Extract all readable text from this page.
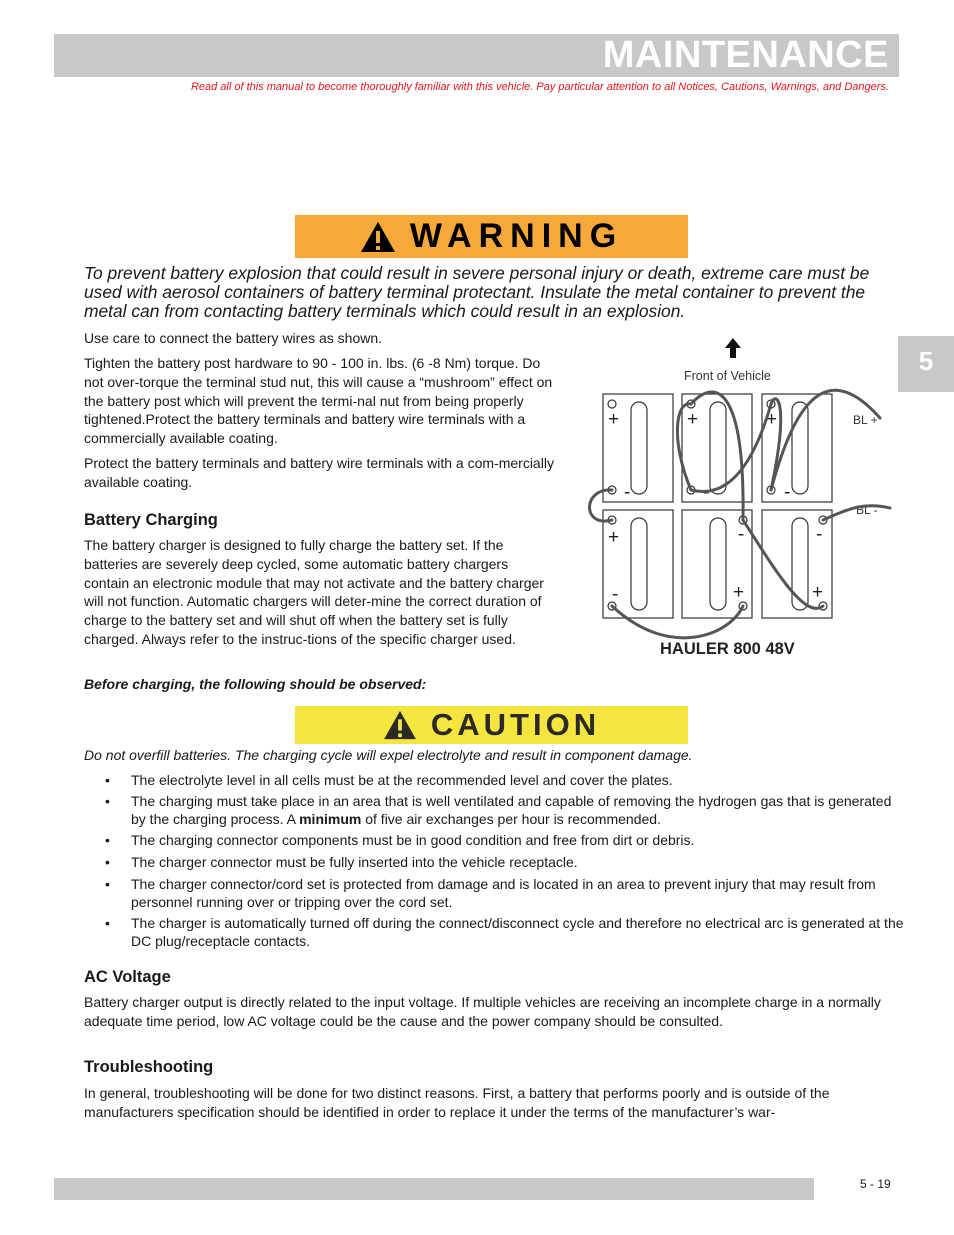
MAINTENANCE
Read all of this manual to become thoroughly familiar with this vehicle. Pay particular attention to all Notices, Cautions, Warnings, and Dangers.
5
WARNING

To prevent battery explosion that could result in severe personal injury or death, extreme care must be used with aerosol containers of battery terminal protectant. Insulate the metal container to prevent the metal can from contacting battery terminals which could result in an explosion.

Use care to connect the battery wires as shown.

Tighten the battery post hardware to 90 - 100 in. lbs. (6 -8 Nm) torque. Do not over-torque the terminal stud nut, this will cause a “mushroom” effect on the battery post which will prevent the termi-nal nut from being properly tightened.Protect the battery terminals and battery wire terminals with a commercially available coating.

Protect the battery terminals and battery wire terminals with a com-mercially available coating.

Battery Charging

The battery charger is designed to fully charge the battery set. If the batteries are severely deep cycled, some automatic battery chargers contain an electronic module that may not activate and the battery charger will not function. Automatic chargers will deter-mine the correct duration of charge to the battery set and will shut off when the battery set is fully charged. Always refer to the instruc-tions of the specific charger used.

Before charging, the following should be observed:

Front of Vehicle
BL +
BL -
+
-
+
-
+
-
+
-
-
+
-
+
HAULER 800 48V
CAUTION

Do not overfill batteries. The charging cycle will expel electrolyte and result in component damage.

• The electrolyte level in all cells must be at the recommended level and cover the plates.
• The charging must take place in an area that is well ventilated and capable of removing the hydrogen gas that is generated by the charging process. A minimum of five air exchanges per hour is recommended.
• The charging connector components must be in good condition and free from dirt or debris.
• The charger connector must be fully inserted into the vehicle receptacle.
• The charger connector/cord set is protected from damage and is located in an area to prevent injury that may result from personnel running over or tripping over the cord set.
• The charger is automatically turned off during the connect/disconnect cycle and therefore no electrical arc is generated at the DC plug/receptacle contacts.
AC Voltage

Battery charger output is directly related to the input voltage. If multiple vehicles are receiving an incomplete charge in a normally adequate time period, low AC voltage could be the cause and the power company should be consulted.

Troubleshooting

In general, troubleshooting will be done for two distinct reasons. First, a battery that performs poorly and is outside of the manufacturers specification should be identified in order to replace it under the terms of the manufacturer’s war-

5 - 19
